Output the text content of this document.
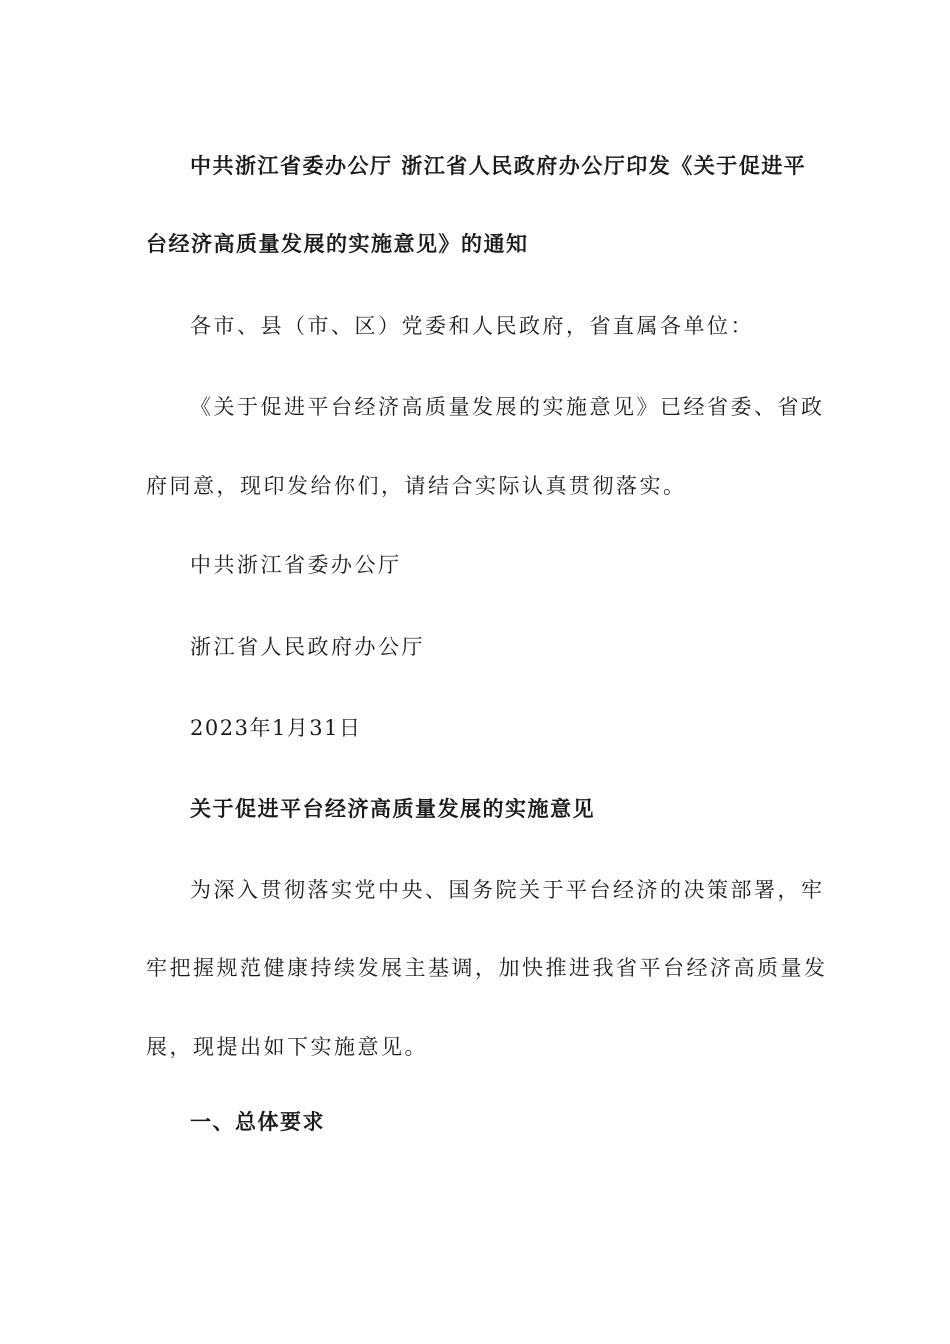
中共浙江省委办公厅 浙江省人民政府办公厅印发《关于促进平

台经济高质量发展的实施意见》的通知

各市、县（市、区）党委和人民政府，省直属各单位：

《关于促进平台经济高质量发展的实施意见》已经省委、省政

府同意，现印发给你们，请结合实际认真贯彻落实。

中共浙江省委办公厅

浙江省人民政府办公厅

2023年1月31日

关于促进平台经济高质量发展的实施意见

为深入贯彻落实党中央、国务院关于平台经济的决策部署，牢

牢把握规范健康持续发展主基调，加快推进我省平台经济高质量发

展，现提出如下实施意见。

一、总体要求
